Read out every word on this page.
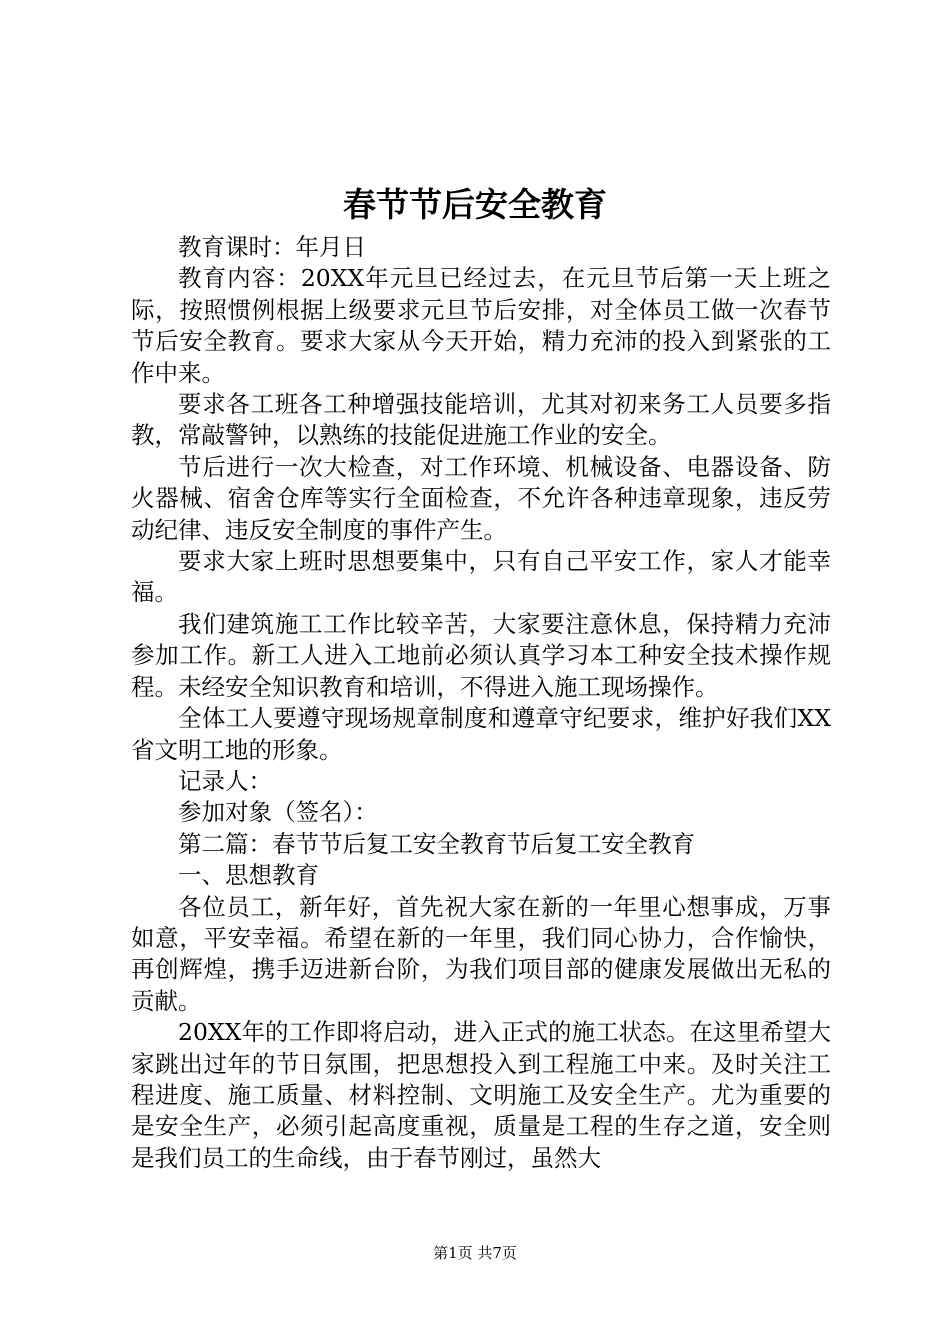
春节节后安全教育

教育课时：年月日

教育内容：20XX年元旦已经过去，在元旦节后第一天上班之际，按照惯例根据上级要求元旦节后安排，对全体员工做一次春节节后安全教育。要求大家从今天开始，精力充沛的投入到紧张的工作中来。

要求各工班各工种增强技能培训，尤其对初来务工人员要多指教，常敲警钟，以熟练的技能促进施工作业的安全。

节后进行一次大检查，对工作环境、机械设备、电器设备、防火器械、宿舍仓库等实行全面检查，不允许各种违章现象，违反劳动纪律、违反安全制度的事件产生。

要求大家上班时思想要集中，只有自己平安工作，家人才能幸福。

我们建筑施工工作比较辛苦，大家要注意休息，保持精力充沛参加工作。新工人进入工地前必须认真学习本工种安全技术操作规程。未经安全知识教育和培训，不得进入施工现场操作。

全体工人要遵守现场规章制度和遵章守纪要求，维护好我们XX省文明工地的形象。

记录人：

参加对象（签名）：

第二篇：春节节后复工安全教育节后复工安全教育

一、思想教育

各位员工，新年好，首先祝大家在新的一年里心想事成，万事如意，平安幸福。希望在新的一年里，我们同心协力，合作愉快，再创辉煌，携手迈进新台阶，为我们项目部的健康发展做出无私的贡献。

20XX年的工作即将启动，进入正式的施工状态。在这里希望大家跳出过年的节日氛围，把思想投入到工程施工中来。及时关注工程进度、施工质量、材料控制、文明施工及安全生产。尤为重要的是安全生产，必须引起高度重视，质量是工程的生存之道，安全则是我们员工的生命线，由于春节刚过，虽然大

第1页 共7页
